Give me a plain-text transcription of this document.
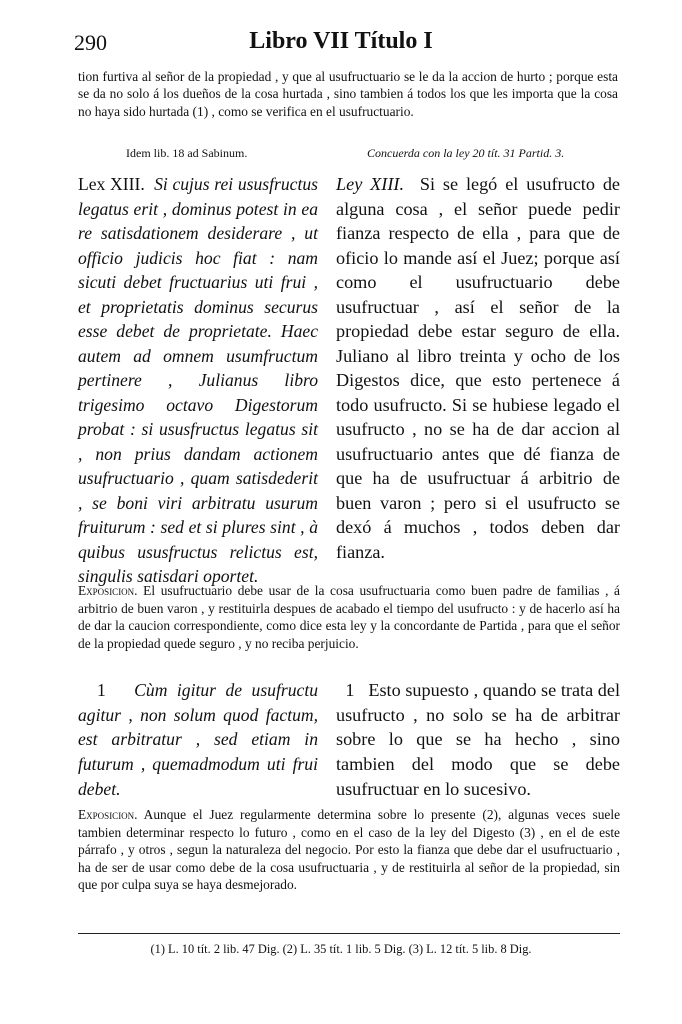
290	Libro VII Título I
tion furtiva al señor de la propiedad , y que al usufructuario se le da la accion de hurto ; porque esta se da no solo á los dueños de la cosa hurtada , sino tambien á todos los que les importa que la cosa no haya sido hurtada (1) , como se verifica en el usufructuario.
Idem lib. 18 ad Sabinum.	Concuerda con la ley 20 tít. 31 Partid. 3.
Lex XIII. Si cujus rei ususfructus legatus erit , dominus potest in ea re satisdationem desiderare , ut officio judicis hoc fiat : nam sicuti debet fructuarius uti frui , et proprietatis dominus securus esse debet de proprietate. Haec autem ad omnem usumfructum pertinere , Julianus libro trigesimo octavo Digestorum probat : si ususfructus legatus sit , non prius dandam actionem usufructuario , quam satisdederit , se boni viri arbitratu usurum fruiturum : sed et si plures sint , à quibus ususfructus relictus est, singulis satisdari oportet.
Ley XIII. Si se legó el usufructo de alguna cosa , el señor puede pedir fianza respecto de ella , para que de oficio lo mande así el Juez; porque así como el usufructuario debe usufructuar , así el señor de la propiedad debe estar seguro de ella. Juliano al libro treinta y ocho de los Digestos dice, que esto pertenece á todo usufructo. Si se hubiese legado el usufructo , no se ha de dar accion al usufructuario antes que dé fianza de que ha de usufructuar á arbitrio de buen varon ; pero si el usufructo se dexó á muchos , todos deben dar fianza.
Exposicion. El usufructuario debe usar de la cosa usufructuaria como buen padre de familias , á arbitrio de buen varon , y restituirla despues de acabado el tiempo del usufructo : y de hacerlo así ha de dar la caucion correspondiente, como dice esta ley y la concordante de Partida , para que el señor de la propiedad quede seguro , y no reciba perjuicio.
1 Cùm igitur de usufructu agitur , non solum quod factum, est arbitratur , sed etiam in futurum , quemadmodum uti frui debet.
1 Esto supuesto , quando se trata del usufructo , no solo se ha de arbitrar sobre lo que se ha hecho , sino tambien del modo que se debe usufructuar en lo sucesivo.
Exposicion. Aunque el Juez regularmente determina sobre lo presente (2), algunas veces suele tambien determinar respecto lo futuro , como en el caso de la ley del Digesto (3) , en el de este párrafo , y otros , segun la naturaleza del negocio. Por esto la fianza que debe dar el usufructuario , ha de ser de usar como debe de la cosa usufructuaria , y de restituirla al señor de la propiedad, sin que por culpa suya se haya desmejorado.
(1) L. 10 tít. 2 lib. 47 Dig. (2) L. 35 tít. 1 lib. 5 Dig. (3) L. 12 tít. 5 lib. 8 Dig.
